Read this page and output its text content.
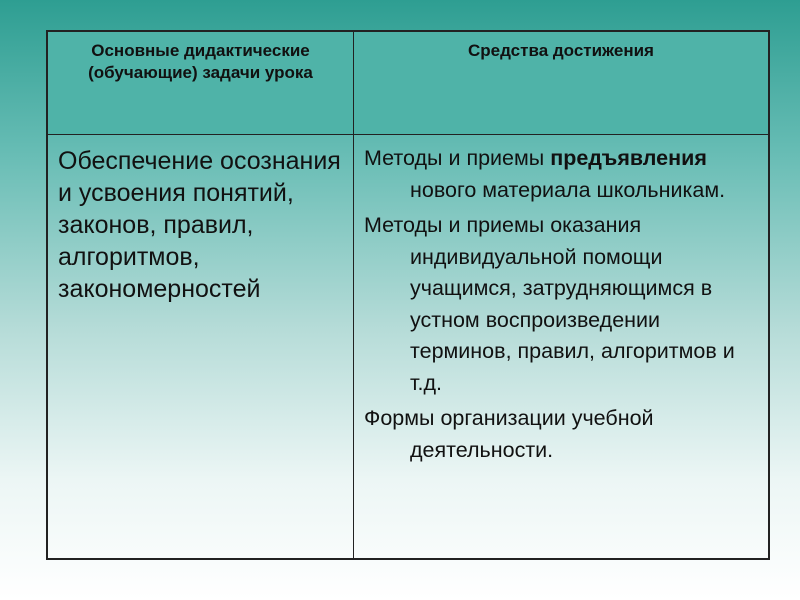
Основные дидактические (обучающие) задачи урока
Средства достижения
Обеспечение осознания и усвоения понятий, законов, правил, алгоритмов, закономерностей

Методы и приемы предъявления нового материала школьникам.

Методы и приемы оказания индивидуальной помощи учащимся, затрудняющимся в устном воспроизведении терминов, правил, алгоритмов и т.д.

Формы организации учебной деятельности.
